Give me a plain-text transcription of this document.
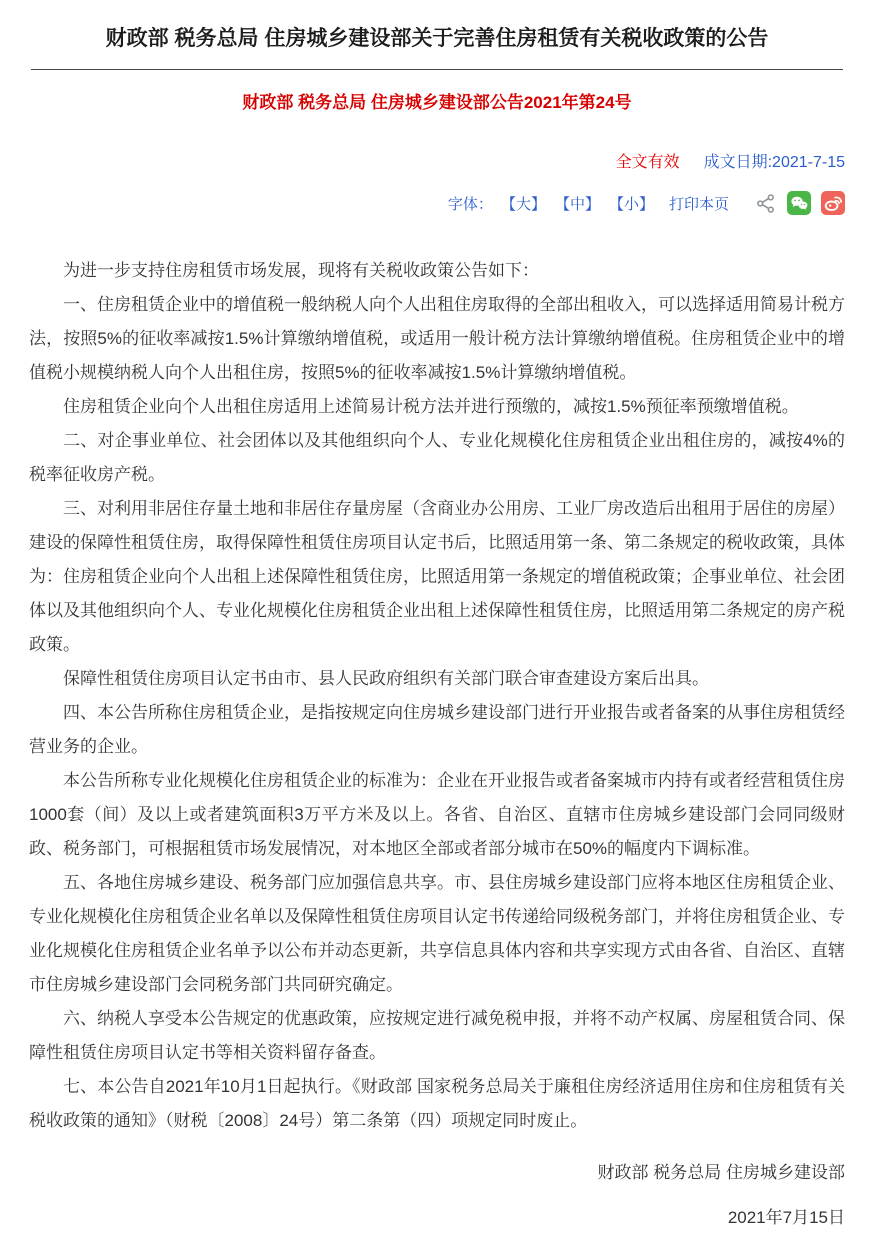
财政部 税务总局 住房城乡建设部关于完善住房租赁有关税收政策的公告
财政部 税务总局 住房城乡建设部公告2021年第24号
全文有效 成文日期:2021-7-15
字体： 【大】 【中】 【小】 打印本页

为进一步支持住房租赁市场发展，现将有关税收政策公告如下：

一、住房租赁企业中的增值税一般纳税人向个人出租住房取得的全部出租收入，可以选择适用简易计税方法，按照5%的征收率减按1.5%计算缴纳增值税，或适用一般计税方法计算缴纳增值税。住房租赁企业中的增值税小规模纳税人向个人出租住房，按照5%的征收率减按1.5%计算缴纳增值税。

住房租赁企业向个人出租住房适用上述简易计税方法并进行预缴的，减按1.5%预征率预缴增值税。

二、对企事业单位、社会团体以及其他组织向个人、专业化规模化住房租赁企业出租住房的，减按4%的税率征收房产税。

三、对利用非居住存量土地和非居住存量房屋（含商业办公用房、工业厂房改造后出租用于居住的房屋）建设的保障性租赁住房，取得保障性租赁住房项目认定书后，比照适用第一条、第二条规定的税收政策，具体为：住房租赁企业向个人出租上述保障性租赁住房，比照适用第一条规定的增值税政策；企事业单位、社会团体以及其他组织向个人、专业化规模化住房租赁企业出租上述保障性租赁住房，比照适用第二条规定的房产税政策。

保障性租赁住房项目认定书由市、县人民政府组织有关部门联合审查建设方案后出具。

四、本公告所称住房租赁企业，是指按规定向住房城乡建设部门进行开业报告或者备案的从事住房租赁经营业务的企业。

本公告所称专业化规模化住房租赁企业的标准为：企业在开业报告或者备案城市内持有或者经营租赁住房1000套（间）及以上或者建筑面积3万平方米及以上。各省、自治区、直辖市住房城乡建设部门会同同级财政、税务部门，可根据租赁市场发展情况，对本地区全部或者部分城市在50%的幅度内下调标准。

五、各地住房城乡建设、税务部门应加强信息共享。市、县住房城乡建设部门应将本地区住房租赁企业、专业化规模化住房租赁企业名单以及保障性租赁住房项目认定书传递给同级税务部门，并将住房租赁企业、专业化规模化住房租赁企业名单予以公布并动态更新，共享信息具体内容和共享实现方式由各省、自治区、直辖市住房城乡建设部门会同税务部门共同研究确定。

六、纳税人享受本公告规定的优惠政策，应按规定进行减免税申报，并将不动产权属、房屋租赁合同、保障性租赁住房项目认定书等相关资料留存备查。

七、本公告自2021年10月1日起执行。《财政部 国家税务总局关于廉租住房经济适用住房和住房租赁有关税收政策的通知》（财税〔2008〕24号）第二条第（四）项规定同时废止。

财政部 税务总局 住房城乡建设部
2021年7月15日
